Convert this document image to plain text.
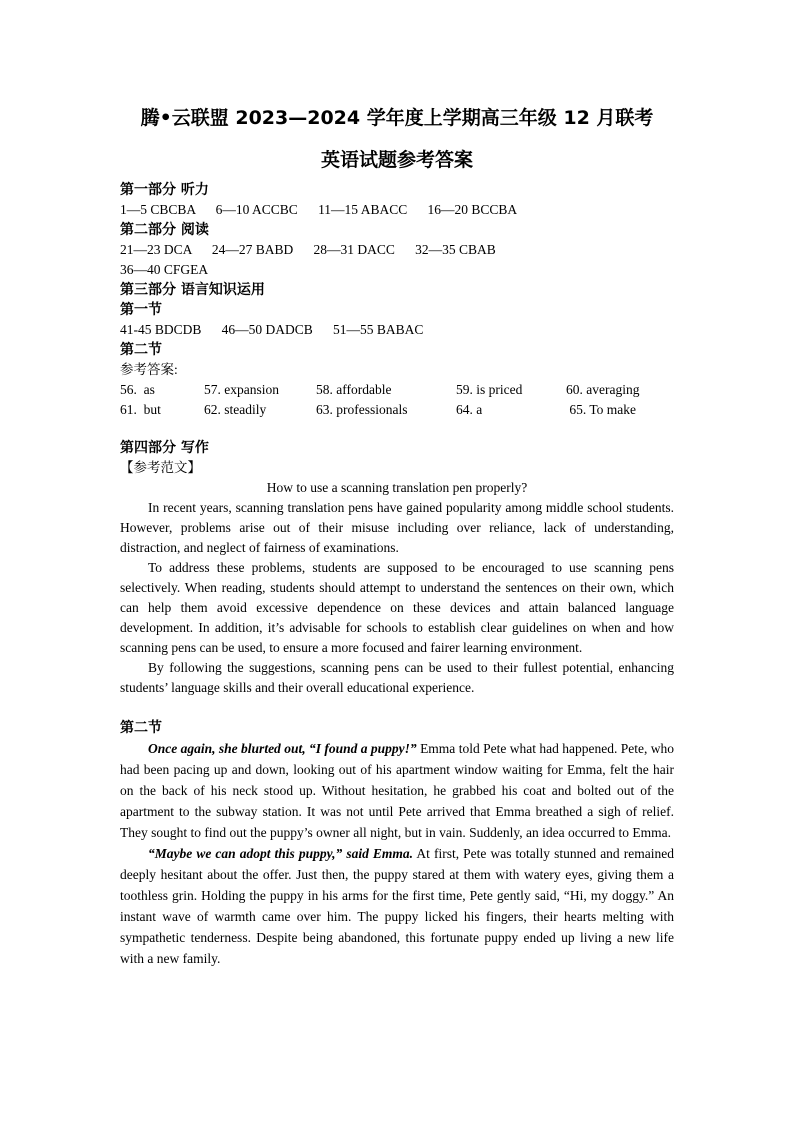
腾•云联盟 2023—2024 学年度上学期高三年级 12 月联考

英语试题参考答案

第一部分 听力

1—5 CBCBA 6—10 ACCBC 11—15 ABACC 16—20 BCCBA

第二部分 阅读

21—23 DCA 24—27 BABD 28—31 DACC 32—35 CBAB

36—40 CFGEA

第三部分 语言知识运用

第一节

41-45 BDCDB 46—50 DADCB 51—55 BABAC

第二节

参考答案:

56.  as	57. expansion	58. affordable	59. is priced	60. averaging
61.  but	62. steadily	63. professionals	64. a	65. To make

第四部分 写作

【参考范文】

How to use a scanning translation pen properly?

In recent years, scanning translation pens have gained popularity among middle school students. However, problems arise out of their misuse including over reliance, lack of understanding, distraction, and neglect of fairness of examinations.

To address these problems, students are supposed to be encouraged to use scanning pens selectively. When reading, students should attempt to understand the sentences on their own, which can help them avoid excessive dependence on these devices and attain balanced language development. In addition, it’s advisable for schools to establish clear guidelines on when and how scanning pens can be used, to ensure a more focused and fairer learning environment.

By following the suggestions, scanning pens can be used to their fullest potential, enhancing students’ language skills and their overall educational experience.

第二节

Once again, she blurted out, “I found a puppy!” Emma told Pete what had happened. Pete, who had been pacing up and down, looking out of his apartment window waiting for Emma, felt the hair on the back of his neck stood up. Without hesitation, he grabbed his coat and bolted out of the apartment to the subway station. It was not until Pete arrived that Emma breathed a sigh of relief. They sought to find out the puppy’s owner all night, but in vain. Suddenly, an idea occurred to Emma.

“Maybe we can adopt this puppy,” said Emma. At first, Pete was totally stunned and remained deeply hesitant about the offer. Just then, the puppy stared at them with watery eyes, giving them a toothless grin. Holding the puppy in his arms for the first time, Pete gently said, “Hi, my doggy.” An instant wave of warmth came over him. The puppy licked his fingers, their hearts melting with sympathetic tenderness. Despite being abandoned, this fortunate puppy ended up living a new life with a new family.
